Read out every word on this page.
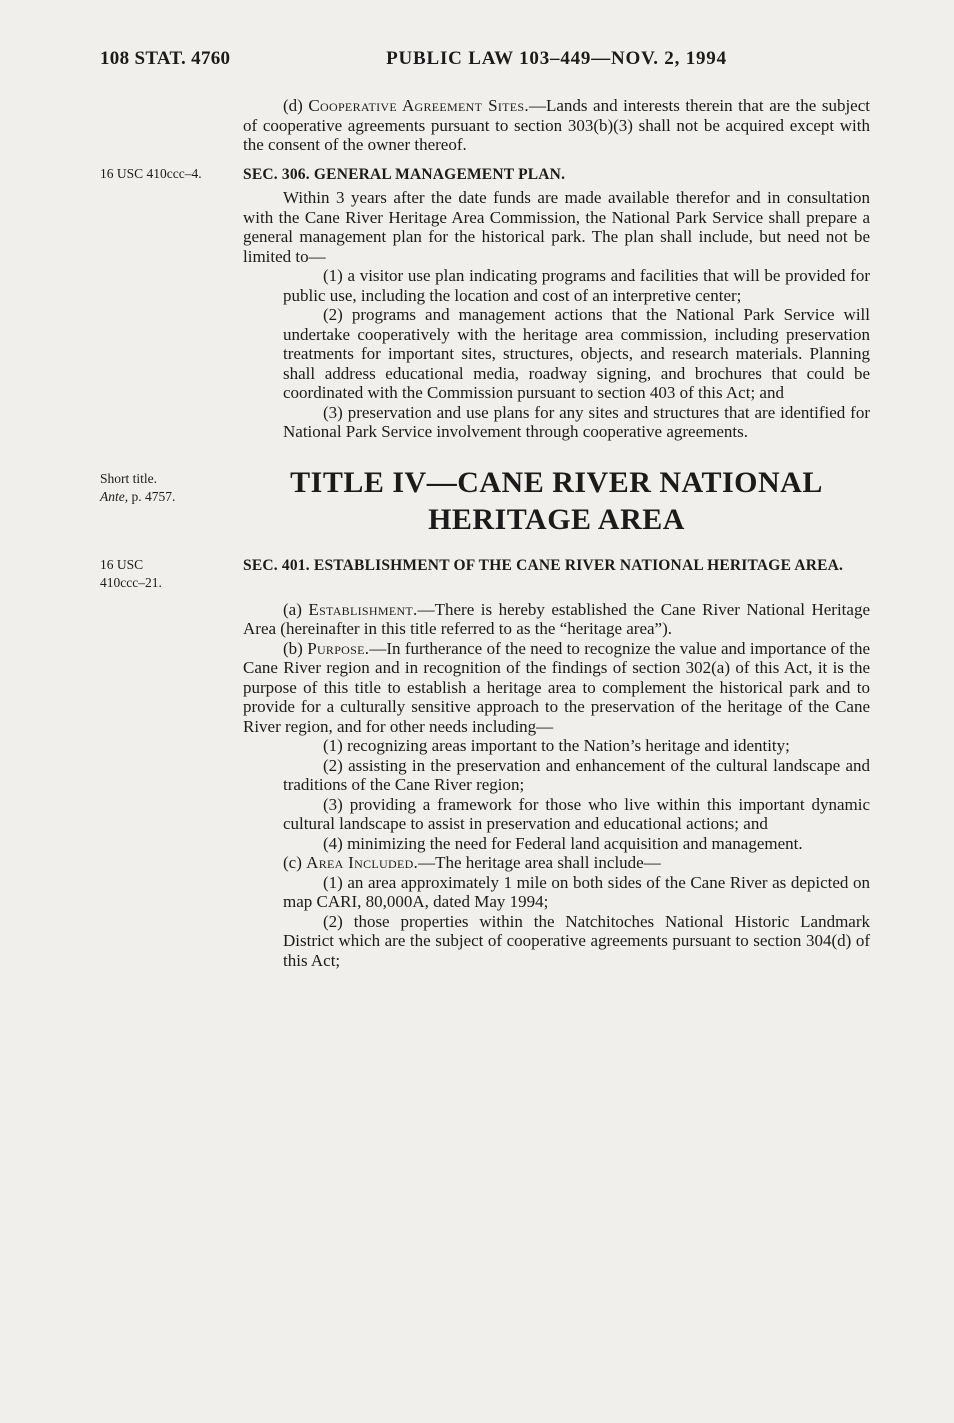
108 STAT. 4760	PUBLIC LAW 103–449—NOV. 2, 1994

(d) Cooperative Agreement Sites.—Lands and interests therein that are the subject of cooperative agreements pursuant to section 303(b)(3) shall not be acquired except with the consent of the owner thereof.

16 USC 410ccc–4.	SEC. 306. GENERAL MANAGEMENT PLAN.

Within 3 years after the date funds are made available therefor and in consultation with the Cane River Heritage Area Commission, the National Park Service shall prepare a general management plan for the historical park. The plan shall include, but need not be limited to—

(1) a visitor use plan indicating programs and facilities that will be provided for public use, including the location and cost of an interpretive center;

(2) programs and management actions that the National Park Service will undertake cooperatively with the heritage area commission, including preservation treatments for important sites, structures, objects, and research materials. Planning shall address educational media, roadway signing, and brochures that could be coordinated with the Commission pursuant to section 403 of this Act; and

(3) preservation and use plans for any sites and structures that are identified for National Park Service involvement through cooperative agreements.

Short title.
Ante, p. 4757.	TITLE IV—CANE RIVER NATIONAL HERITAGE AREA
16 USC
410ccc–21.
SEC. 401. ESTABLISHMENT OF THE CANE RIVER NATIONAL HERITAGE AREA.

(a) Establishment.—There is hereby established the Cane River National Heritage Area (hereinafter in this title referred to as the “heritage area”).

(b) Purpose.—In furtherance of the need to recognize the value and importance of the Cane River region and in recognition of the findings of section 302(a) of this Act, it is the purpose of this title to establish a heritage area to complement the historical park and to provide for a culturally sensitive approach to the preservation of the heritage of the Cane River region, and for other needs including—

(1) recognizing areas important to the Nation’s heritage and identity;

(2) assisting in the preservation and enhancement of the cultural landscape and traditions of the Cane River region;

(3) providing a framework for those who live within this important dynamic cultural landscape to assist in preservation and educational actions; and

(4) minimizing the need for Federal land acquisition and management.

(c) Area Included.—The heritage area shall include—

(1) an area approximately 1 mile on both sides of the Cane River as depicted on map CARI, 80,000A, dated May 1994;

(2) those properties within the Natchitoches National Historic Landmark District which are the subject of cooperative agreements pursuant to section 304(d) of this Act;
